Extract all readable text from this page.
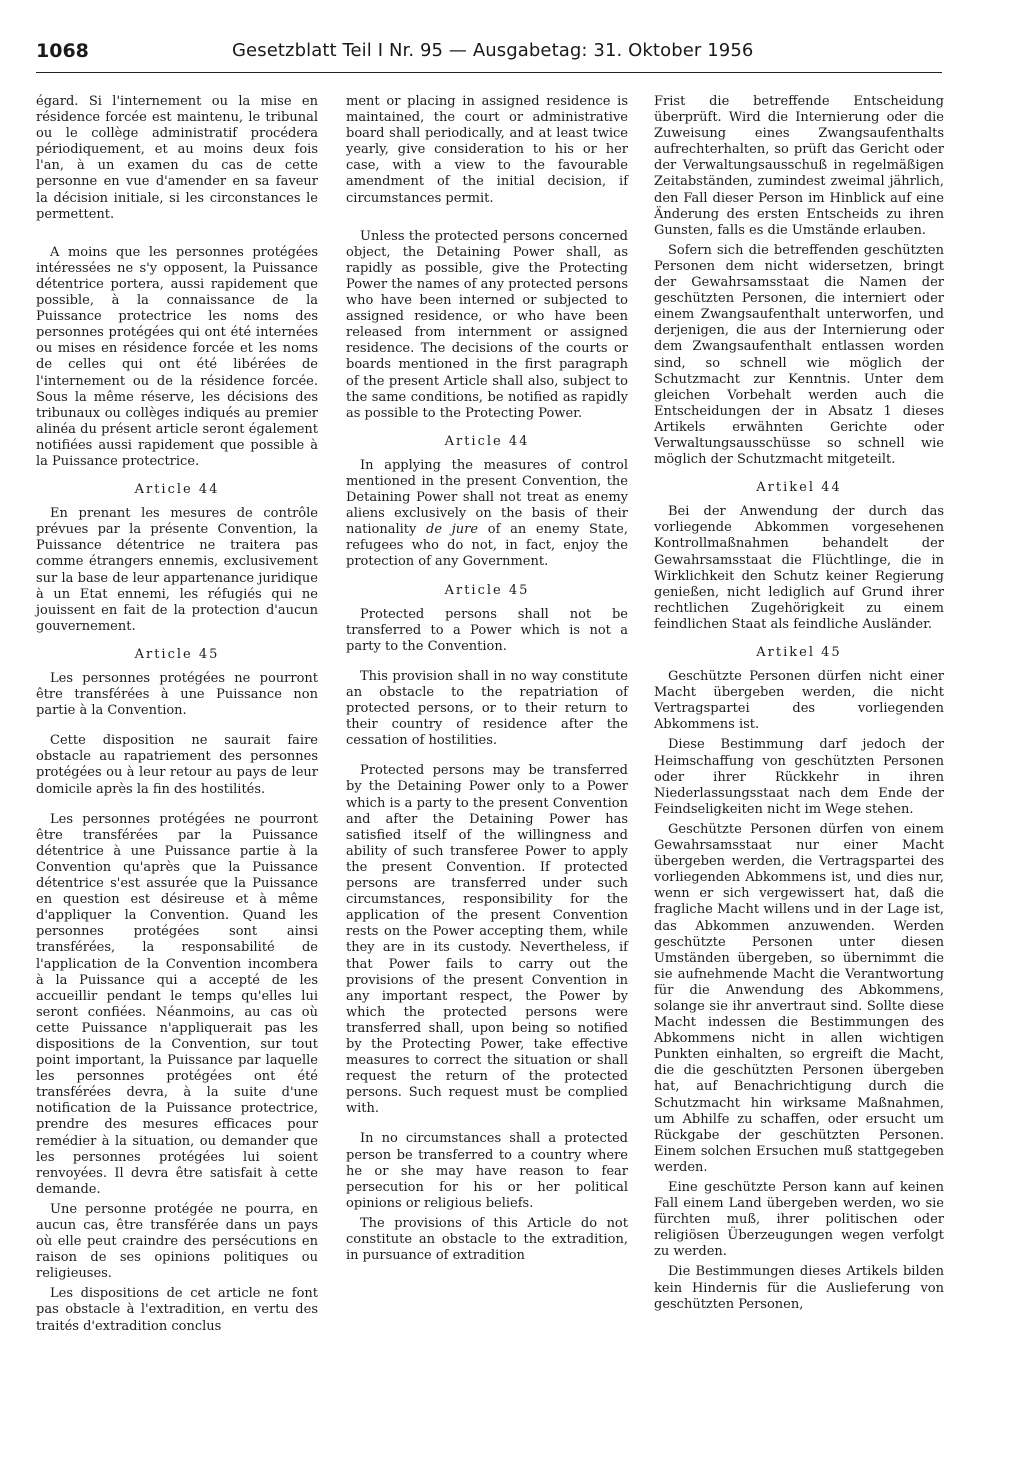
1068	Gesetzblatt Teil I Nr. 95 — Ausgabetag: 31. Oktober 1956

égard. Si l'internement ou la mise en résidence forcée est maintenu, le tribunal ou le collège administratif procédera périodiquement, et au moins deux fois l'an, à un examen du cas de cette personne en vue d'amender en sa faveur la décision initiale, si les circonstances le permettent.

A moins que les personnes protégées intéressées ne s'y opposent, la Puissance détentrice portera, aussi rapidement que possible, à la connaissance de la Puissance protectrice les noms des personnes protégées qui ont été internées ou mises en résidence forcée et les noms de celles qui ont été libérées de l'internement ou de la résidence forcée. Sous la même réserve, les décisions des tribunaux ou collèges indiqués au premier alinéa du présent article seront également notifiées aussi rapidement que possible à la Puissance protectrice.

Article 44

En prenant les mesures de contrôle prévues par la présente Convention, la Puissance détentrice ne traitera pas comme étrangers ennemis, exclusivement sur la base de leur appartenance juridique à un Etat ennemi, les réfugiés qui ne jouissent en fait de la protection d'aucun gouvernement.

Article 45

Les personnes protégées ne pourront être transférées à une Puissance non partie à la Convention.

Cette disposition ne saurait faire obstacle au rapatriement des personnes protégées ou à leur retour au pays de leur domicile après la fin des hostilités.

Les personnes protégées ne pourront être transférées par la Puissance détentrice à une Puissance partie à la Convention qu'après que la Puissance détentrice s'est assurée que la Puissance en question est désireuse et à même d'appliquer la Convention. Quand les personnes protégées sont ainsi transférées, la responsabilité de l'application de la Convention incombera à la Puissance qui a accepté de les accueillir pendant le temps qu'elles lui seront confiées. Néanmoins, au cas où cette Puissance n'appliquerait pas les dispositions de la Convention, sur tout point important, la Puissance par laquelle les personnes protégées ont été transférées devra, à la suite d'une notification de la Puissance protectrice, prendre des mesures efficaces pour remédier à la situation, ou demander que les personnes protégées lui soient renvoyées. Il devra être satisfait à cette demande.

Une personne protégée ne pourra, en aucun cas, être transférée dans un pays où elle peut craindre des persécutions en raison de ses opinions politiques ou religieuses.

Les dispositions de cet article ne font pas obstacle à l'extradition, en vertu des traités d'extradition conclus

ment or placing in assigned residence is maintained, the court or administrative board shall periodically, and at least twice yearly, give consideration to his or her case, with a view to the favourable amendment of the initial decision, if circumstances permit.

Unless the protected persons concerned object, the Detaining Power shall, as rapidly as possible, give the Protecting Power the names of any protected persons who have been interned or subjected to assigned residence, or who have been released from internment or assigned residence. The decisions of the courts or boards mentioned in the first paragraph of the present Article shall also, subject to the same conditions, be notified as rapidly as possible to the Protecting Power.

Article 44

In applying the measures of control mentioned in the present Convention, the Detaining Power shall not treat as enemy aliens exclusively on the basis of their nationality de jure of an enemy State, refugees who do not, in fact, enjoy the protection of any Government.

Article 45

Protected persons shall not be transferred to a Power which is not a party to the Convention.

This provision shall in no way constitute an obstacle to the repatriation of protected persons, or to their return to their country of residence after the cessation of hostilities.

Protected persons may be transferred by the Detaining Power only to a Power which is a party to the present Convention and after the Detaining Power has satisfied itself of the willingness and ability of such transferee Power to apply the present Convention. If protected persons are transferred under such circumstances, responsibility for the application of the present Convention rests on the Power accepting them, while they are in its custody. Nevertheless, if that Power fails to carry out the provisions of the present Convention in any important respect, the Power by which the protected persons were transferred shall, upon being so notified by the Protecting Power, take effective measures to correct the situation or shall request the return of the protected persons. Such request must be complied with.

In no circumstances shall a protected person be transferred to a country where he or she may have reason to fear persecution for his or her political opinions or religious beliefs.

The provisions of this Article do not constitute an obstacle to the extradition, in pursuance of extradition

Frist die betreffende Entscheidung überprüft. Wird die Internierung oder die Zuweisung eines Zwangsaufenthalts aufrechterhalten, so prüft das Gericht oder der Verwaltungsausschuß in regelmäßigen Zeitabständen, zumindest zweimal jährlich, den Fall dieser Person im Hinblick auf eine Änderung des ersten Entscheids zu ihren Gunsten, falls es die Umstände erlauben.

Sofern sich die betreffenden geschützten Personen dem nicht widersetzen, bringt der Gewahrsamsstaat die Namen der geschützten Personen, die interniert oder einem Zwangsaufenthalt unterworfen, und derjenigen, die aus der Internierung oder dem Zwangsaufenthalt entlassen worden sind, so schnell wie möglich der Schutzmacht zur Kenntnis. Unter dem gleichen Vorbehalt werden auch die Entscheidungen der in Absatz 1 dieses Artikels erwähnten Gerichte oder Verwaltungsausschüsse so schnell wie möglich der Schutzmacht mitgeteilt.

Artikel 44

Bei der Anwendung der durch das vorliegende Abkommen vorgesehenen Kontrollmaßnahmen behandelt der Gewahrsamsstaat die Flüchtlinge, die in Wirklichkeit den Schutz keiner Regierung genießen, nicht lediglich auf Grund ihrer rechtlichen Zugehörigkeit zu einem feindlichen Staat als feindliche Ausländer.

Artikel 45

Geschützte Personen dürfen nicht einer Macht übergeben werden, die nicht Vertragspartei des vorliegenden Abkommens ist.

Diese Bestimmung darf jedoch der Heimschaffung von geschützten Personen oder ihrer Rückkehr in ihren Niederlassungsstaat nach dem Ende der Feindseligkeiten nicht im Wege stehen.

Geschützte Personen dürfen von einem Gewahrsamsstaat nur einer Macht übergeben werden, die Vertragspartei des vorliegenden Abkommens ist, und dies nur, wenn er sich vergewissert hat, daß die fragliche Macht willens und in der Lage ist, das Abkommen anzuwenden. Werden geschützte Personen unter diesen Umständen übergeben, so übernimmt die sie aufnehmende Macht die Verantwortung für die Anwendung des Abkommens, solange sie ihr anvertraut sind. Sollte diese Macht indessen die Bestimmungen des Abkommens nicht in allen wichtigen Punkten einhalten, so ergreift die Macht, die die geschützten Personen übergeben hat, auf Benachrichtigung durch die Schutzmacht hin wirksame Maßnahmen, um Abhilfe zu schaffen, oder ersucht um Rückgabe der geschützten Personen. Einem solchen Ersuchen muß stattgegeben werden.

Eine geschützte Person kann auf keinen Fall einem Land übergeben werden, wo sie fürchten muß, ihrer politischen oder religiösen Überzeugungen wegen verfolgt zu werden.

Die Bestimmungen dieses Artikels bilden kein Hindernis für die Auslieferung von geschützten Personen,
